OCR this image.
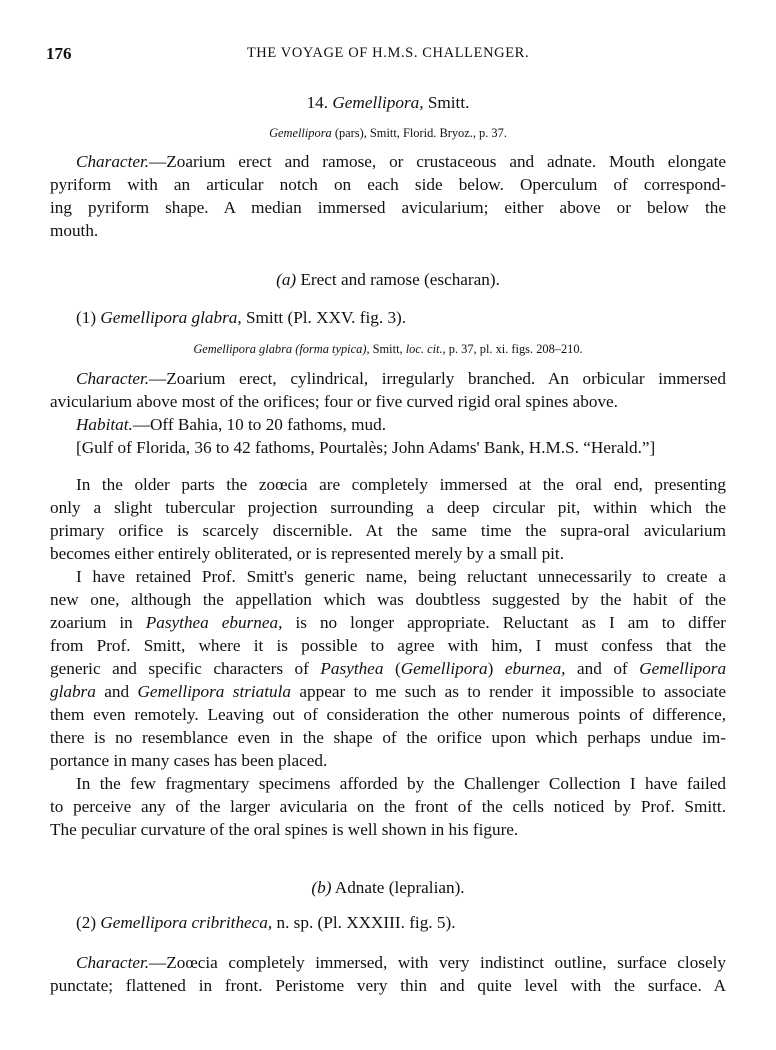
176	THE VOYAGE OF H.M.S. CHALLENGER.
14. Gemellipora, Smitt.
Gemellipora (pars), Smitt, Florid. Bryoz., p. 37.
Character.—Zoarium erect and ramose, or crustaceous and adnate. Mouth elongate
pyriform with an articular notch on each side below. Operculum of correspond-
ing pyriform shape. A median immersed avicularium; either above or below the
mouth.
(a) Erect and ramose (escharan).
(1) Gemellipora glabra, Smitt (Pl. XXV. fig. 3).
Gemellipora glabra (forma typica), Smitt, loc. cit., p. 37, pl. xi. figs. 208–210.
Character.—Zoarium erect, cylindrical, irregularly branched. An orbicular immersed
avicularium above most of the orifices; four or five curved rigid oral spines above.
Habitat.—Off Bahia, 10 to 20 fathoms, mud.
[Gulf of Florida, 36 to 42 fathoms, Pourtalès; John Adams' Bank, H.M.S. “Herald.”]
In the older parts the zoœcia are completely immersed at the oral end, presenting
only a slight tubercular projection surrounding a deep circular pit, within which the
primary orifice is scarcely discernible. At the same time the supra-oral avicularium
becomes either entirely obliterated, or is represented merely by a small pit.
I have retained Prof. Smitt's generic name, being reluctant unnecessarily to create a
new one, although the appellation which was doubtless suggested by the habit of the
zoarium in Pasythea eburnea, is no longer appropriate. Reluctant as I am to differ
from Prof. Smitt, where it is possible to agree with him, I must confess that the
generic and specific characters of Pasythea (Gemellipora) eburnea, and of Gemellipora
glabra and Gemellipora striatula appear to me such as to render it impossible to associate
them even remotely. Leaving out of consideration the other numerous points of difference,
there is no resemblance even in the shape of the orifice upon which perhaps undue im-
portance in many cases has been placed.
In the few fragmentary specimens afforded by the Challenger Collection I have failed
to perceive any of the larger avicularia on the front of the cells noticed by Prof. Smitt.
The peculiar curvature of the oral spines is well shown in his figure.
(b) Adnate (lepralian).
(2) Gemellipora cribritheca, n. sp. (Pl. XXXIII. fig. 5).
Character.—Zoœcia completely immersed, with very indistinct outline, surface closely
punctate; flattened in front. Peristome very thin and quite level with the surface. A
